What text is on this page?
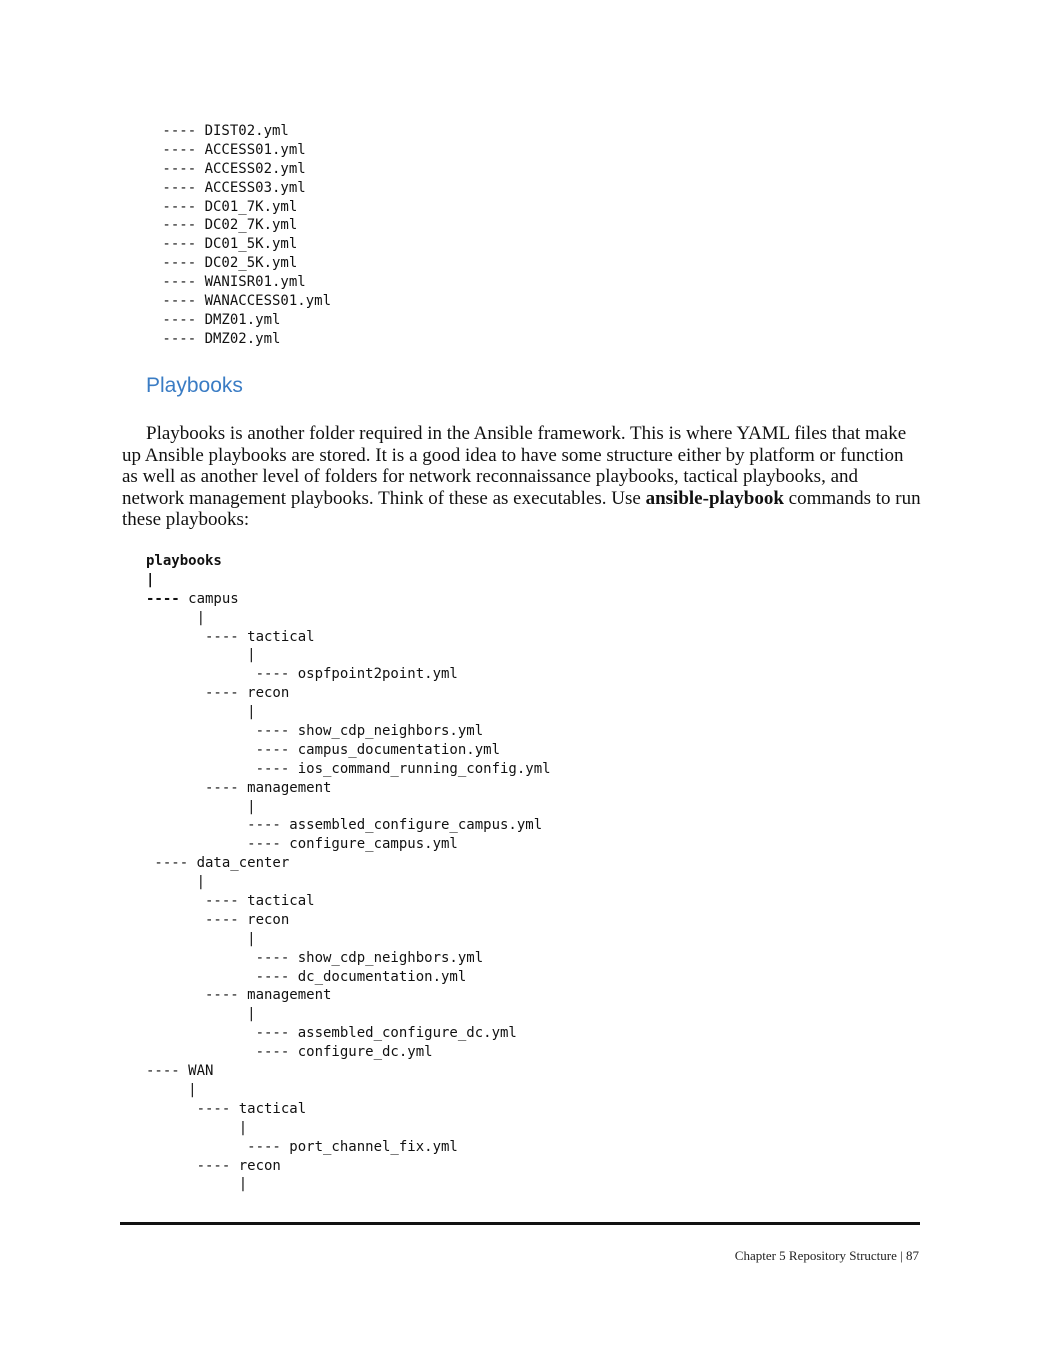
---- DIST02.yml
---- ACCESS01.yml
---- ACCESS02.yml
---- ACCESS03.yml
---- DC01_7K.yml
---- DC02_7K.yml
---- DC01_5K.yml
---- DC02_5K.yml
---- WANISR01.yml
---- WANACCESS01.yml
---- DMZ01.yml
---- DMZ02.yml
Playbooks

Playbooks is another folder required in the Ansible framework. This is where YAML files that make up Ansible playbooks are stored. It is a good idea to have some structure either by platform or function as well as another level of folders for network reconnaissance playbooks, tactical playbooks, and network management playbooks. Think of these as executables. Use ansible-playbook commands to run these playbooks:

playbooks
|
---- campus
|
---- tactical
|
---- ospfpoint2point.yml
---- recon
|
---- show_cdp_neighbors.yml
---- campus_documentation.yml
---- ios_command_running_config.yml
---- management
|
---- assembled_configure_campus.yml
---- configure_campus.yml
---- data_center
|
---- tactical
---- recon
|
---- show_cdp_neighbors.yml
---- dc_documentation.yml
---- management
|
---- assembled_configure_dc.yml
---- configure_dc.yml
---- WAN
|
---- tactical
|
---- port_channel_fix.yml
---- recon
|
Chapter 5 Repository Structure | 87
